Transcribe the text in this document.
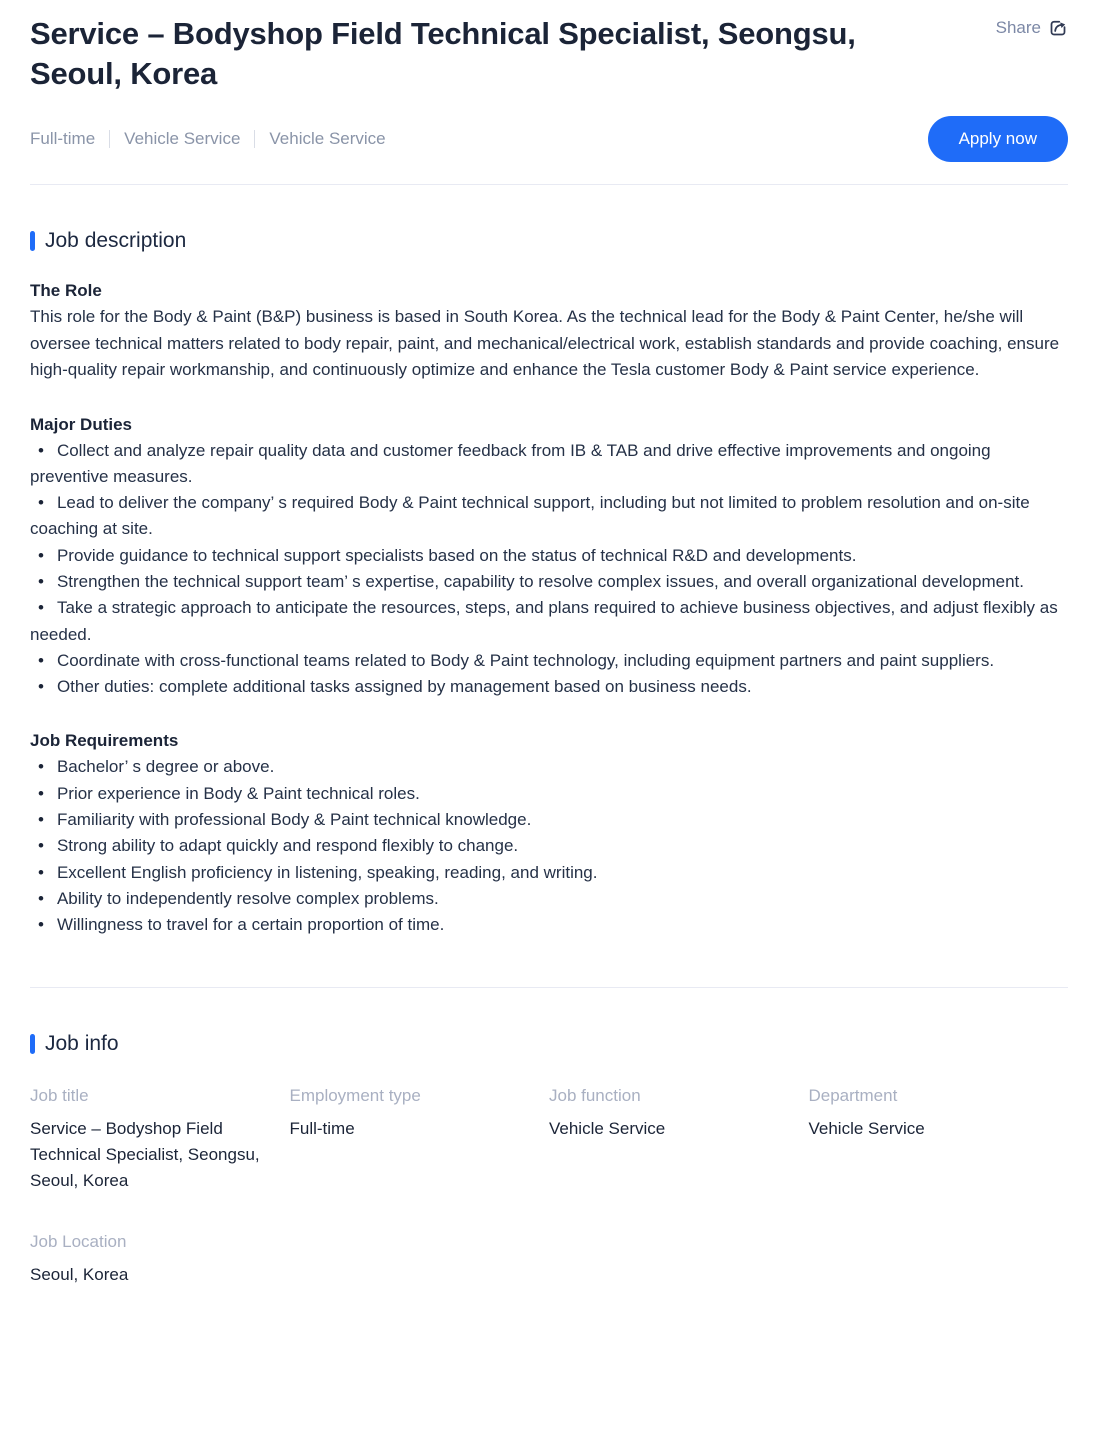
Service – Bodyshop Field Technical Specialist, Seongsu, Seoul, Korea
Share
Full-time Vehicle Service Vehicle Service	Apply now
Job description
The Role

This role for the Body & Paint (B&P) business is based in South Korea. As the technical lead for the Body & Paint Center, he/she will oversee technical matters related to body repair, paint, and mechanical/electrical work, establish standards and provide coaching, ensure high-quality repair workmanship, and continuously optimize and enhance the Tesla customer Body & Paint service experience.

Major Duties
• Collect and analyze repair quality data and customer feedback from IB & TAB and drive effective improvements and ongoing preventive measures.
• Lead to deliver the company’ s required Body & Paint technical support, including but not limited to problem resolution and on-site coaching at site.
• Provide guidance to technical support specialists based on the status of technical R&D and developments.
• Strengthen the technical support team’ s expertise, capability to resolve complex issues, and overall organizational development.
• Take a strategic approach to anticipate the resources, steps, and plans required to achieve business objectives, and adjust flexibly as needed.
• Coordinate with cross-functional teams related to Body & Paint technology, including equipment partners and paint suppliers.
• Other duties: complete additional tasks assigned by management based on business needs.
Job Requirements
• Bachelor’ s degree or above.
• Prior experience in Body & Paint technical roles.
• Familiarity with professional Body & Paint technical knowledge.
• Strong ability to adapt quickly and respond flexibly to change.
• Excellent English proficiency in listening, speaking, reading, and writing.
• Ability to independently resolve complex problems.
• Willingness to travel for a certain proportion of time.
Job info
Job title
Service – Bodyshop Field Technical Specialist, Seongsu, Seoul, Korea
Employment type
Full-time
Job function
Vehicle Service
Department
Vehicle Service
Job Location
Seoul, Korea
